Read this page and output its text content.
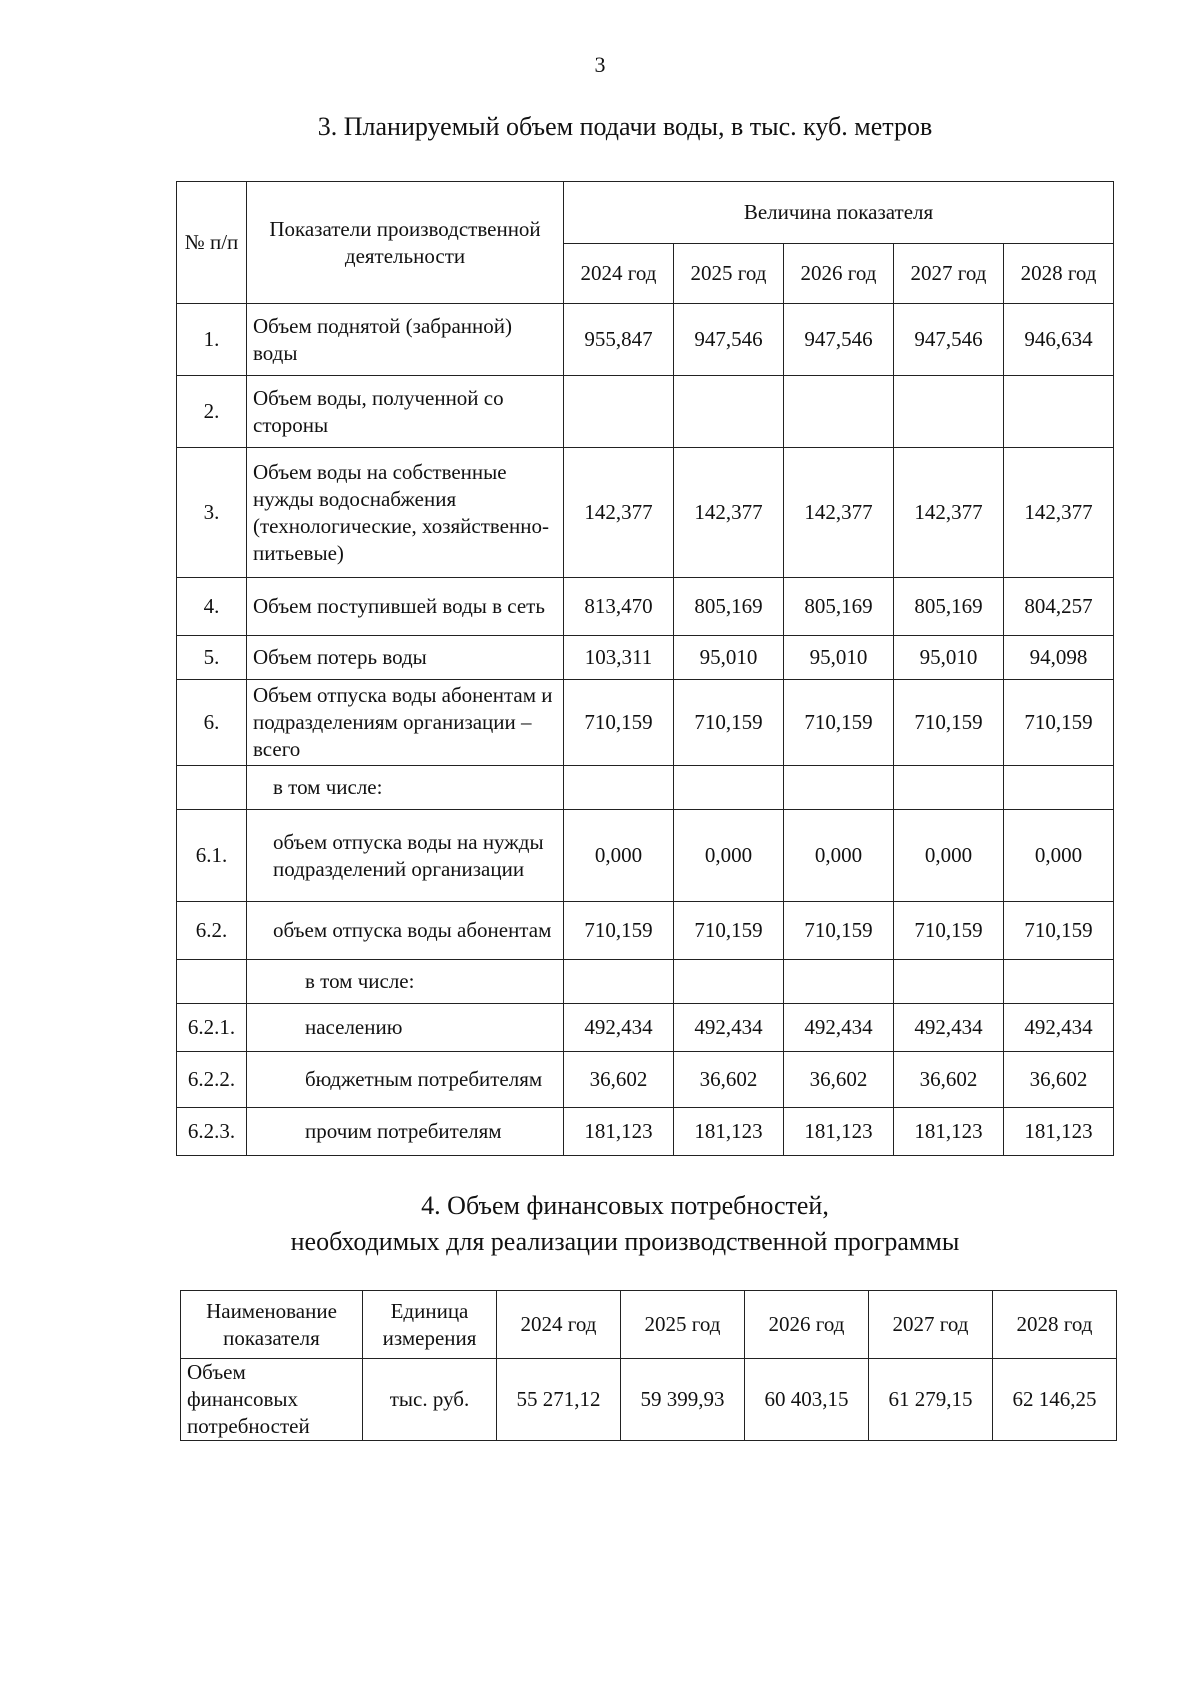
3
3. Планируемый объем подачи воды, в тыс. куб. метров
№ п/п	Показатели производственной деятельности	Величина показателя				
		2024 год	2025 год	2026 год	2027 год	2028 год
1.	Объем поднятой (забранной) воды	955,847	947,546	947,546	947,546	946,634
2.	Объем воды, полученной со стороны					
3.	Объем воды на собственные нужды водоснабжения (технологические, хозяйственно-питьевые)	142,377	142,377	142,377	142,377	142,377
4.	Объем поступившей воды в сеть	813,470	805,169	805,169	805,169	804,257
5.	Объем потерь воды	103,311	95,010	95,010	95,010	94,098
6.	Объем отпуска воды абонентам и подразделениям организации – всего	710,159	710,159	710,159	710,159	710,159
	в том числе:					
6.1.	объем отпуска воды на нужды подразделений организации	0,000	0,000	0,000	0,000	0,000
6.2.	объем отпуска воды абонентам	710,159	710,159	710,159	710,159	710,159
	в том числе:					
6.2.1.	населению	492,434	492,434	492,434	492,434	492,434
6.2.2.	бюджетным потребителям	36,602	36,602	36,602	36,602	36,602
6.2.3.	прочим потребителям	181,123	181,123	181,123	181,123	181,123
4. Объем финансовых потребностей,
необходимых для реализации производственной программы
Наименование показателя	Единица измерения	2024 год	2025 год	2026 год	2027 год	2028 год
Объем финансовых потребностей	тыс. руб.	55 271,12	59 399,93	60 403,15	61 279,15	62 146,25
